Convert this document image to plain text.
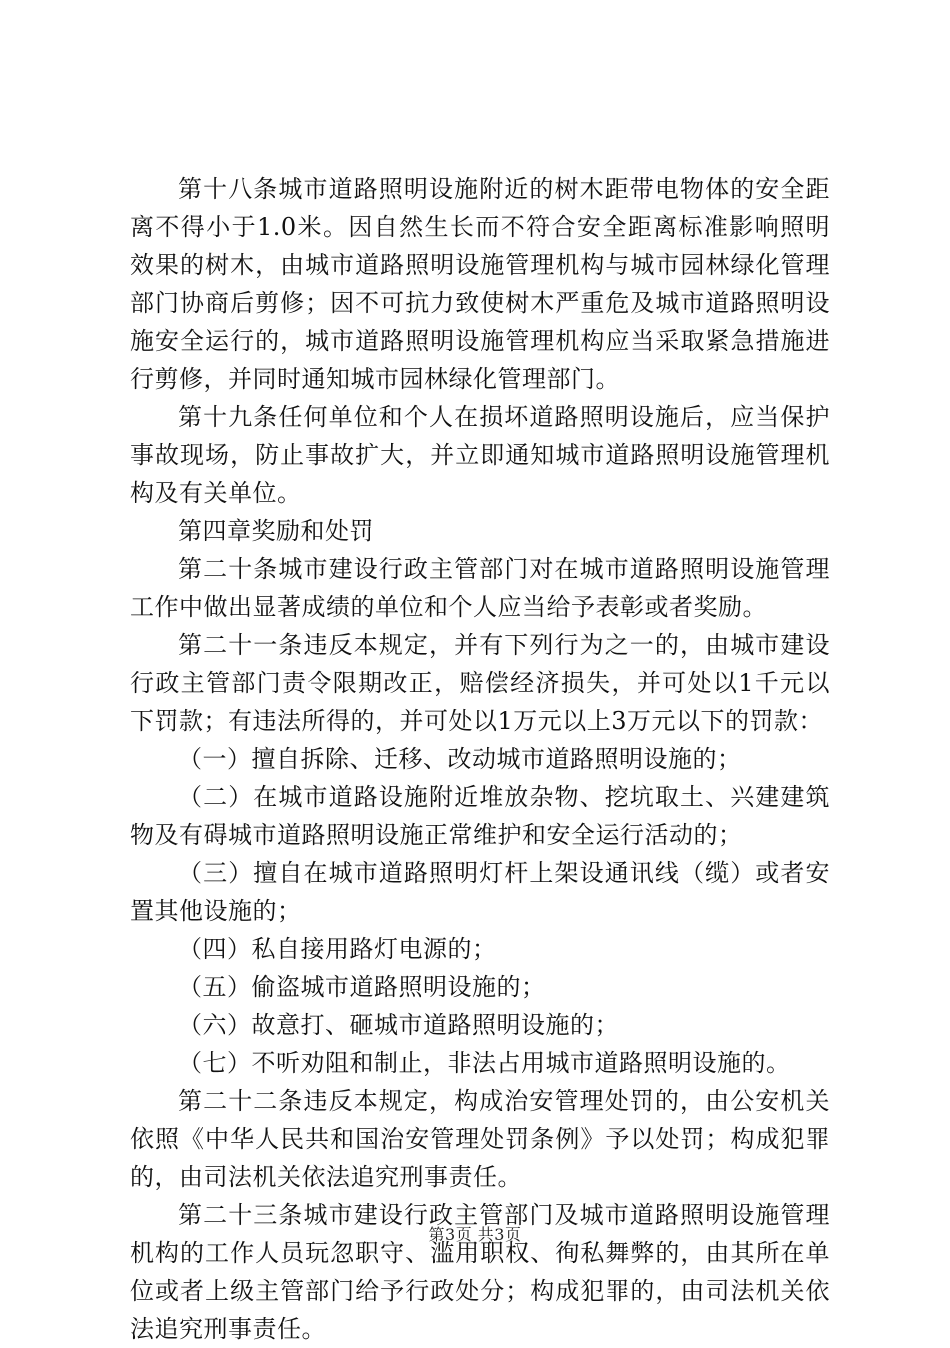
第十八条城市道路照明设施附近的树木距带电物体的安全距离不得小于1.0米。因自然生长而不符合安全距离标准影响照明效果的树木，由城市道路照明设施管理机构与城市园林绿化管理部门协商后剪修；因不可抗力致使树木严重危及城市道路照明设施安全运行的，城市道路照明设施管理机构应当采取紧急措施进行剪修，并同时通知城市园林绿化管理部门。

第十九条任何单位和个人在损坏道路照明设施后，应当保护事故现场，防止事故扩大，并立即通知城市道路照明设施管理机构及有关单位。

第四章奖励和处罚

第二十条城市建设行政主管部门对在城市道路照明设施管理工作中做出显著成绩的单位和个人应当给予表彰或者奖励。

第二十一条违反本规定，并有下列行为之一的，由城市建设行政主管部门责令限期改正，赔偿经济损失，并可处以1千元以下罚款；有违法所得的，并可处以1万元以上3万元以下的罚款：

（一）擅自拆除、迁移、改动城市道路照明设施的；

（二）在城市道路设施附近堆放杂物、挖坑取土、兴建建筑物及有碍城市道路照明设施正常维护和安全运行活动的；

（三）擅自在城市道路照明灯杆上架设通讯线（缆）或者安置其他设施的；

（四）私自接用路灯电源的；

（五）偷盗城市道路照明设施的；

（六）故意打、砸城市道路照明设施的；

（七）不听劝阻和制止，非法占用城市道路照明设施的。

第二十二条违反本规定，构成治安管理处罚的，由公安机关依照《中华人民共和国治安管理处罚条例》予以处罚；构成犯罪的，由司法机关依法追究刑事责任。

第二十三条城市建设行政主管部门及城市道路照明设施管理机构的工作人员玩忽职守、滥用职权、徇私舞弊的，由其所在单位或者上级主管部门给予行政处分；构成犯罪的，由司法机关依法追究刑事责任。

第3页 共3页
